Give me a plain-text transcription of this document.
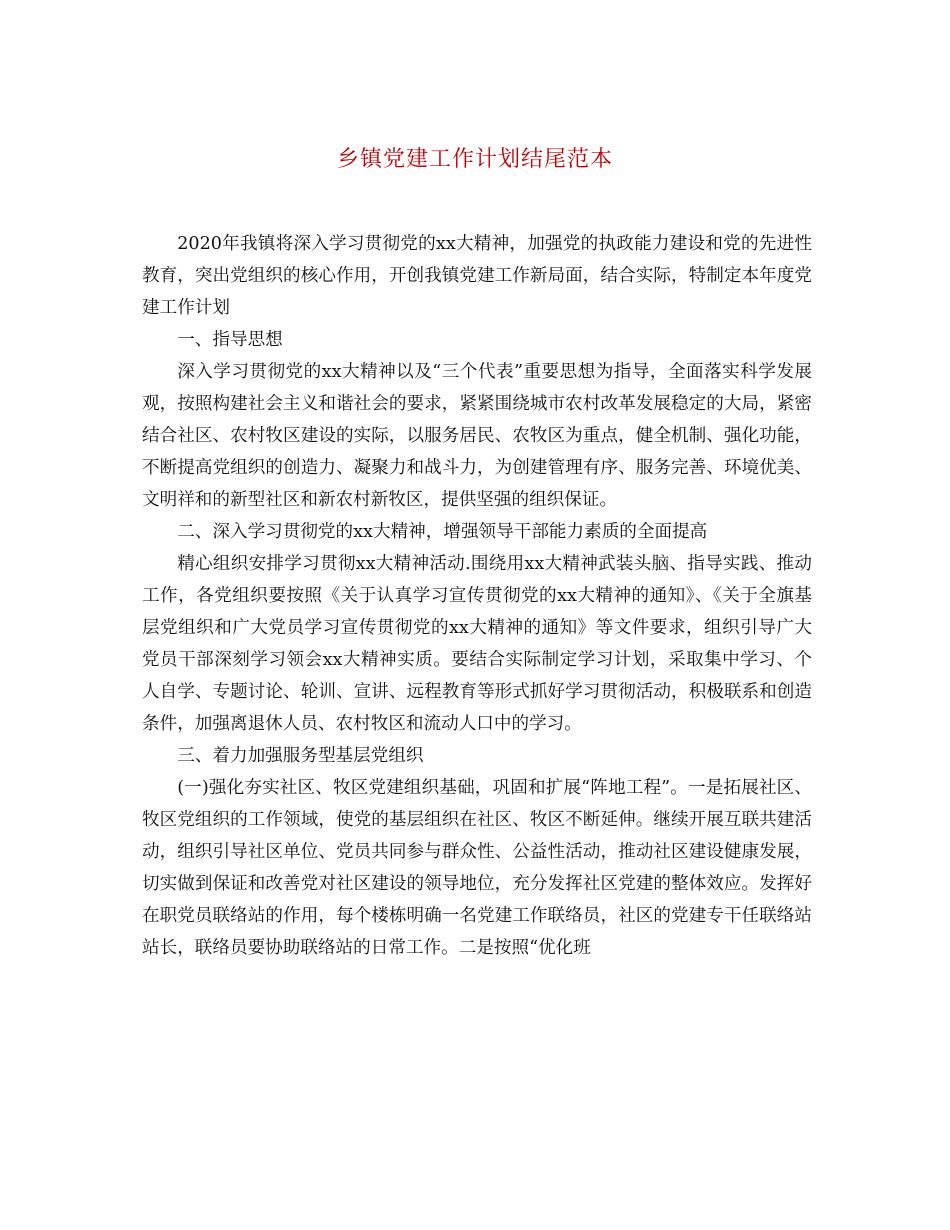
乡镇党建工作计划结尾范本

2020年我镇将深入学习贯彻党的xx大精神，加强党的执政能力建设和党的先进性教育，突出党组织的核心作用，开创我镇党建工作新局面，结合实际，特制定本年度党建工作计划

一、指导思想

深入学习贯彻党的xx大精神以及“三个代表”重要思想为指导，全面落实科学发展观，按照构建社会主义和谐社会的要求，紧紧围绕城市农村改革发展稳定的大局，紧密结合社区、农村牧区建设的实际，以服务居民、农牧区为重点，健全机制、强化功能，不断提高党组织的创造力、凝聚力和战斗力，为创建管理有序、服务完善、环境优美、文明祥和的新型社区和新农村新牧区，提供坚强的组织保证。

二、深入学习贯彻党的xx大精神，增强领导干部能力素质的全面提高

精心组织安排学习贯彻xx大精神活动.围绕用xx大精神武装头脑、指导实践、推动工作，各党组织要按照《关于认真学习宣传贯彻党的xx大精神的通知》、《关于全旗基层党组织和广大党员学习宣传贯彻党的xx大精神的通知》等文件要求，组织引导广大党员干部深刻学习领会xx大精神实质。要结合实际制定学习计划，采取集中学习、个人自学、专题讨论、轮训、宣讲、远程教育等形式抓好学习贯彻活动，积极联系和创造条件，加强离退休人员、农村牧区和流动人口中的学习。

三、着力加强服务型基层党组织

(一)强化夯实社区、牧区党建组织基础，巩固和扩展“阵地工程”。一是拓展社区、牧区党组织的工作领域，使党的基层组织在社区、牧区不断延伸。继续开展互联共建活动，组织引导社区单位、党员共同参与群众性、公益性活动，推动社区建设健康发展，切实做到保证和改善党对社区建设的领导地位，充分发挥社区党建的整体效应。发挥好在职党员联络站的作用，每个楼栋明确一名党建工作联络员，社区的党建专干任联络站站长，联络员要协助联络站的日常工作。二是按照“优化班
